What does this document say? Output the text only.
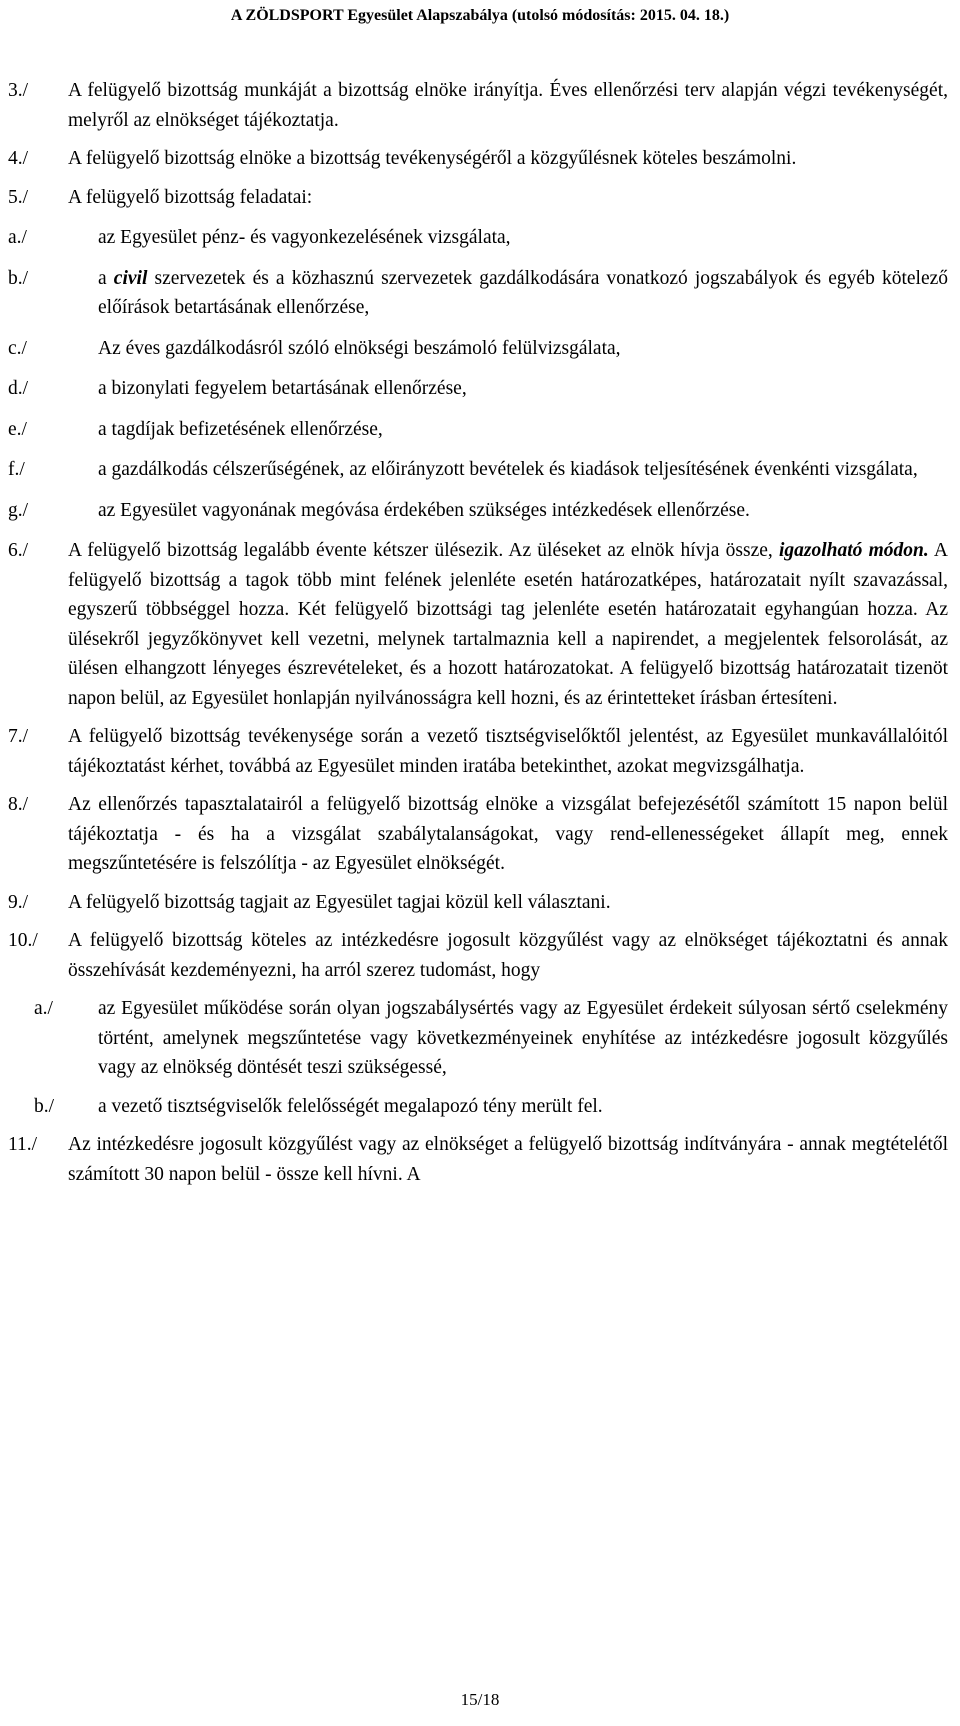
A ZÖLDSPORT Egyesület Alapszabálya (utolsó módosítás: 2015. 04. 18.)
3./ A felügyelő bizottság munkáját a bizottság elnöke irányítja. Éves ellenőrzési terv alapján végzi tevékenységét, melyről az elnökséget tájékoztatja.
4./ A felügyelő bizottság elnöke a bizottság tevékenységéről a közgyűlésnek köteles beszámolni.
5./ A felügyelő bizottság feladatai:
a./	az Egyesület pénz- és vagyonkezelésének vizsgálata,
b./	a civil szervezetek és a közhasznú szervezetek gazdálkodására vonatkozó jogszabályok és egyéb kötelező előírások betartásának ellenőrzése,
c./	Az éves gazdálkodásról szóló elnökségi beszámoló felülvizsgálata,
d./	a bizonylati fegyelem betartásának ellenőrzése,
e./	a tagdíjak befizetésének ellenőrzése,
f./	a gazdálkodás célszerűségének, az előirányzott bevételek és kiadások teljesítésének évenkénti vizsgálata,
g./	az Egyesület vagyonának megóvása érdekében szükséges intézkedések ellenőrzése.
6./ A felügyelő bizottság legalább évente kétszer ülésezik. Az üléseket az elnök hívja össze, igazolható módon. A felügyelő bizottság a tagok több mint felének jelenléte esetén határozatképes, határozatait nyílt szavazással, egyszerű többséggel hozza. Két felügyelő bizottsági tag jelenléte esetén határozatait egyhangúan hozza. Az ülésekről jegyzőkönyvet kell vezetni, melynek tartalmaznia kell a napirendet, a megjelentek felsorolását, az ülésen elhangzott lényeges észrevételeket, és a hozott határozatokat. A felügyelő bizottság határozatait tizenöt napon belül, az Egyesület honlapján nyilvánosságra kell hozni, és az érintetteket írásban értesíteni.
7./ A felügyelő bizottság tevékenysége során a vezető tisztségviselőktől jelentést, az Egyesület munkavállalóitól tájékoztatást kérhet, továbbá az Egyesület minden iratába betekinthet, azokat megvizsgálhatja.
8./ Az ellenőrzés tapasztalatairól a felügyelő bizottság elnöke a vizsgálat befejezésétől számított 15 napon belül tájékoztatja - és ha a vizsgálat szabálytalanságokat, vagy rend-ellenességeket állapít meg, ennek megszűntetésére is felszólítja - az Egyesület elnökségét.
9./ A felügyelő bizottság tagjait az Egyesület tagjai közül kell választani.
10./ A felügyelő bizottság köteles az intézkedésre jogosult közgyűlést vagy az elnökséget tájékoztatni és annak összehívását kezdeményezni, ha arról szerez tudomást, hogy
a./ az Egyesület működése során olyan jogszabálysértés vagy az Egyesület érdekeit súlyosan sértő cselekmény történt, amelynek megszűntetése vagy következményeinek enyhítése az intézkedésre jogosult közgyűlés vagy az elnökség döntését teszi szükségessé,
b./ a vezető tisztségviselők felelősségét megalapozó tény merült fel.
11./ Az intézkedésre jogosult közgyűlést vagy az elnökséget a felügyelő bizottság indítványára - annak megtételétől számított 30 napon belül - össze kell hívni. A
15/18
